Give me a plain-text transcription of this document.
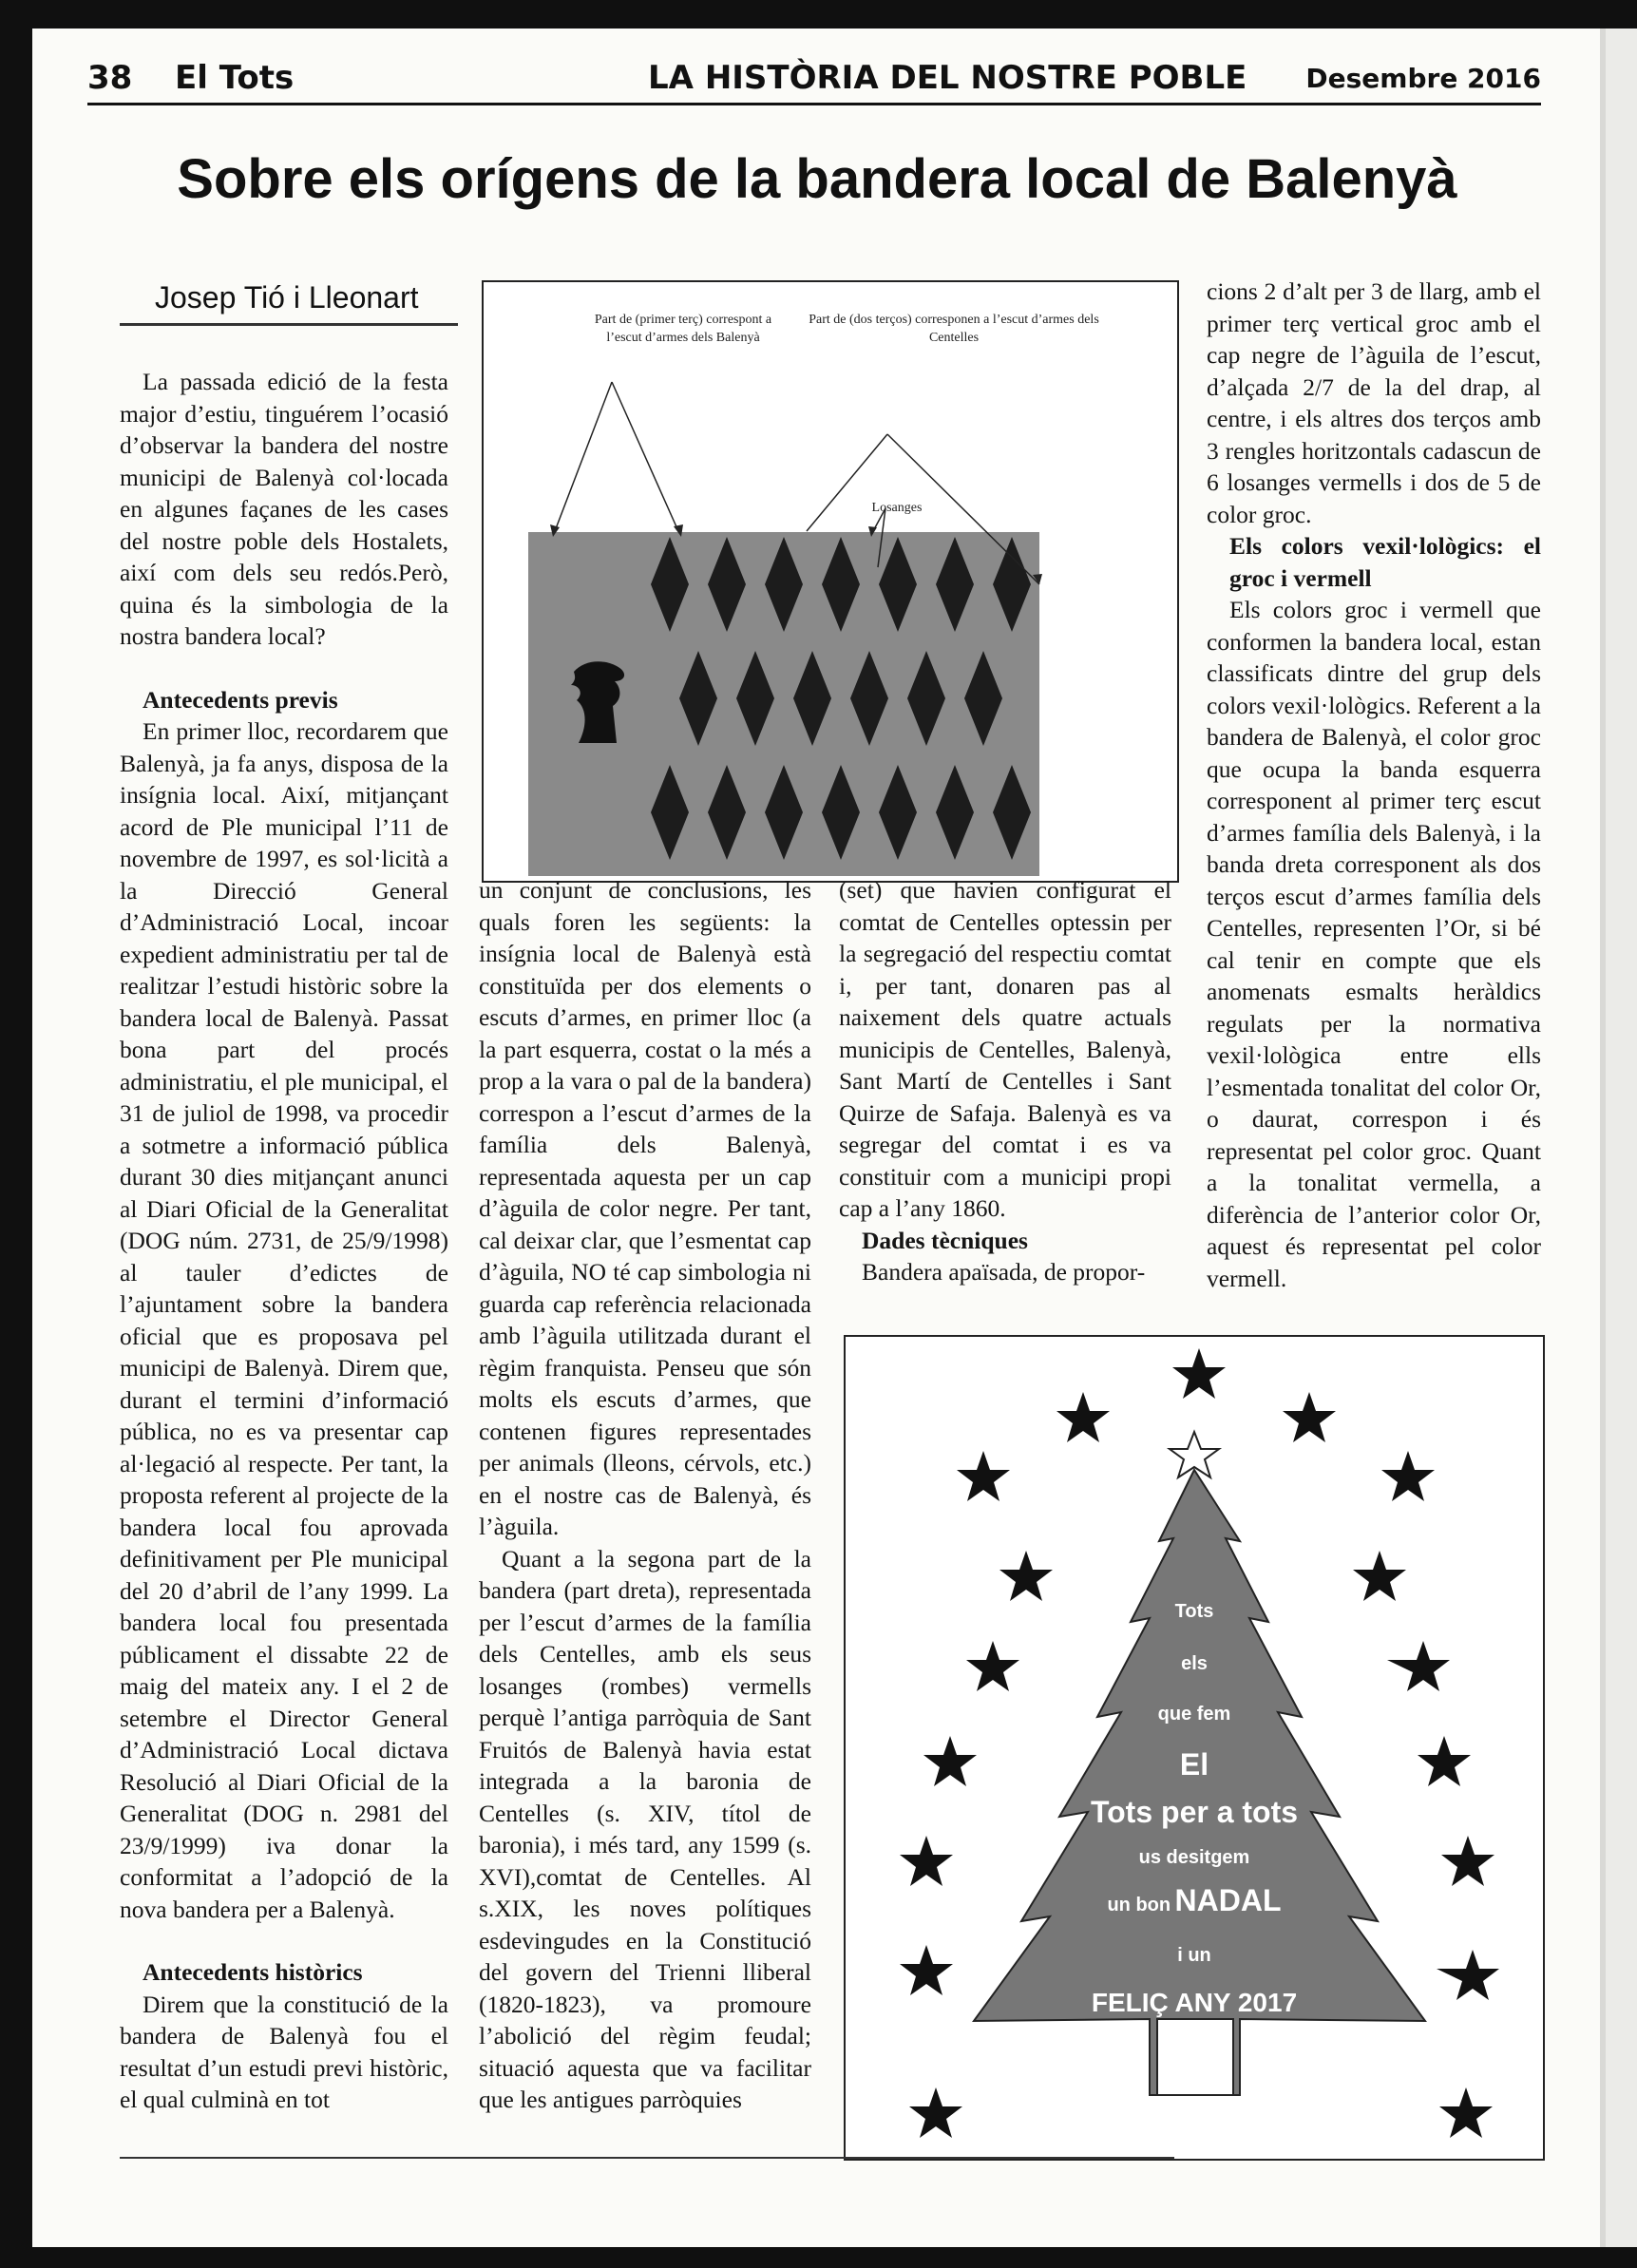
38 El Tots	LA HISTÒRIA DEL NOSTRE POBLE Desembre 2016
Sobre els orígens de la bandera local de Balenyà
Josep Tió i Lleonart

La passada edició de la festa major d’estiu, tinguérem l’ocasió d’observar la bandera del nostre municipi de Balenyà col·locada en algunes façanes de les cases del nostre poble dels Hostalets, així com dels seu redós.Però, quina és la simbologia de la nostra bandera local?

Antecedents previs

En primer lloc, recordarem que Balenyà, ja fa anys, disposa de la insígnia local. Així, mitjançant acord de Ple municipal l’11 de novembre de 1997, es sol·licità a la Direcció General d’Administració Local, incoar expedient administratiu per tal de realitzar l’estudi històric sobre la bandera local de Balenyà. Passat bona part del procés administratiu, el ple municipal, el 31 de juliol de 1998, va procedir a sotmetre a informació pública durant 30 dies mitjançant anunci al Diari Oficial de la Generalitat (DOG núm. 2731, de 25/9/1998) al tauler d’edictes de l’ajuntament sobre la bandera oficial que es proposava pel municipi de Balenyà. Direm que, durant el termini d’informació pública, no es va presentar cap al·legació al respecte. Per tant, la proposta referent al projecte de la bandera local fou aprovada definitivament per Ple municipal del 20 d’abril de l’any 1999. La bandera local fou presentada públicament el dissabte 22 de maig del mateix any. I el 2 de setembre el Director General d’Administració Local dictava Resolució al Diari Oficial de la Generalitat (DOG n. 2981 del 23/9/1999) iva donar la conformitat a l’adopció de la nova bandera per a Balenyà.

Antecedents històrics

Direm que la constitució de la bandera de Balenyà fou el resultat d’un estudi previ històric, el qual culminà en tot

Part de (primer terç) correspont a l’escut d’armes dels Balenyà
Part de (dos terços) corresponen a l’escut d’armes dels Centelles
Losanges

un conjunt de conclusions, les quals foren les següents: la insígnia local de Balenyà està constituïda per dos elements o escuts d’armes, en primer lloc (a la part esquerra, costat o la més a prop a la vara o pal de la bandera) correspon a l’escut d’armes de la família dels Balenyà, representada aquesta per un cap d’àguila de color negre. Per tant, cal deixar clar, que l’esmentat cap d’àguila, NO té cap simbologia ni guarda cap referència relacionada amb l’àguila utilitzada durant el règim franquista. Penseu que són molts els escuts d’armes, que contenen figures representades per animals (lleons, cérvols, etc.) en el nostre cas de Balenyà, és l’àguila.

Quant a la segona part de la bandera (part dreta), representada per l’escut d’armes de la família dels Centelles, amb els seus losanges (rombes) vermells perquè l’antiga parròquia de Sant Fruitós de Balenyà havia estat integrada a la baronia de Centelles (s. XIV, títol de baronia), i més tard, any 1599 (s. XVI),comtat de Centelles. Al s.XIX, les noves polítiques esdevingudes en la Constitució del govern del Trienni lliberal (1820-1823), va promoure l’abolició del règim feudal; situació aquesta que va facilitar que les antigues parròquies

(set) que havien configurat el comtat de Centelles optessin per la segregació del respectiu comtat i, per tant, donaren pas al naixement dels quatre actuals municipis de Centelles, Balenyà, Sant Martí de Centelles i Sant Quirze de Safaja. Balenyà es va segregar del comtat i es va constituir com a municipi propi cap a l’any 1860.

Dades tècniques

Bandera apaïsada, de propor-

cions 2 d’alt per 3 de llarg, amb el primer terç vertical groc amb el cap negre de l’àguila de l’escut, d’alçada 2/7 de la del drap, al centre, i els altres dos terços amb 3 rengles horitzontals cadascun de 6 losanges vermells i dos de 5 de color groc.

Els colors vexil·lològics: el groc i vermell

Els colors groc i vermell que conformen la bandera local, estan classificats dintre del grup dels colors vexil·lològics. Referent a la bandera de Balenyà, el color groc que ocupa la banda esquerra corresponent al primer terç escut d’armes família dels Balenyà, i la banda dreta corresponent als dos terços escut d’armes família dels Centelles, representen l’Or, si bé cal tenir en compte que els anomenats esmalts heràldics regulats per la normativa vexil·lològica entre ells l’esmentada tonalitat del color Or, o daurat, correspon i és representat pel color groc. Quant a la tonalitat vermella, a diferència de l’anterior color Or, aquest és representat pel color vermell.

Tots
els
que fem
El
Tots per a tots
us desitgem
un bon NADAL
i un
FELIÇ ANY 2017
